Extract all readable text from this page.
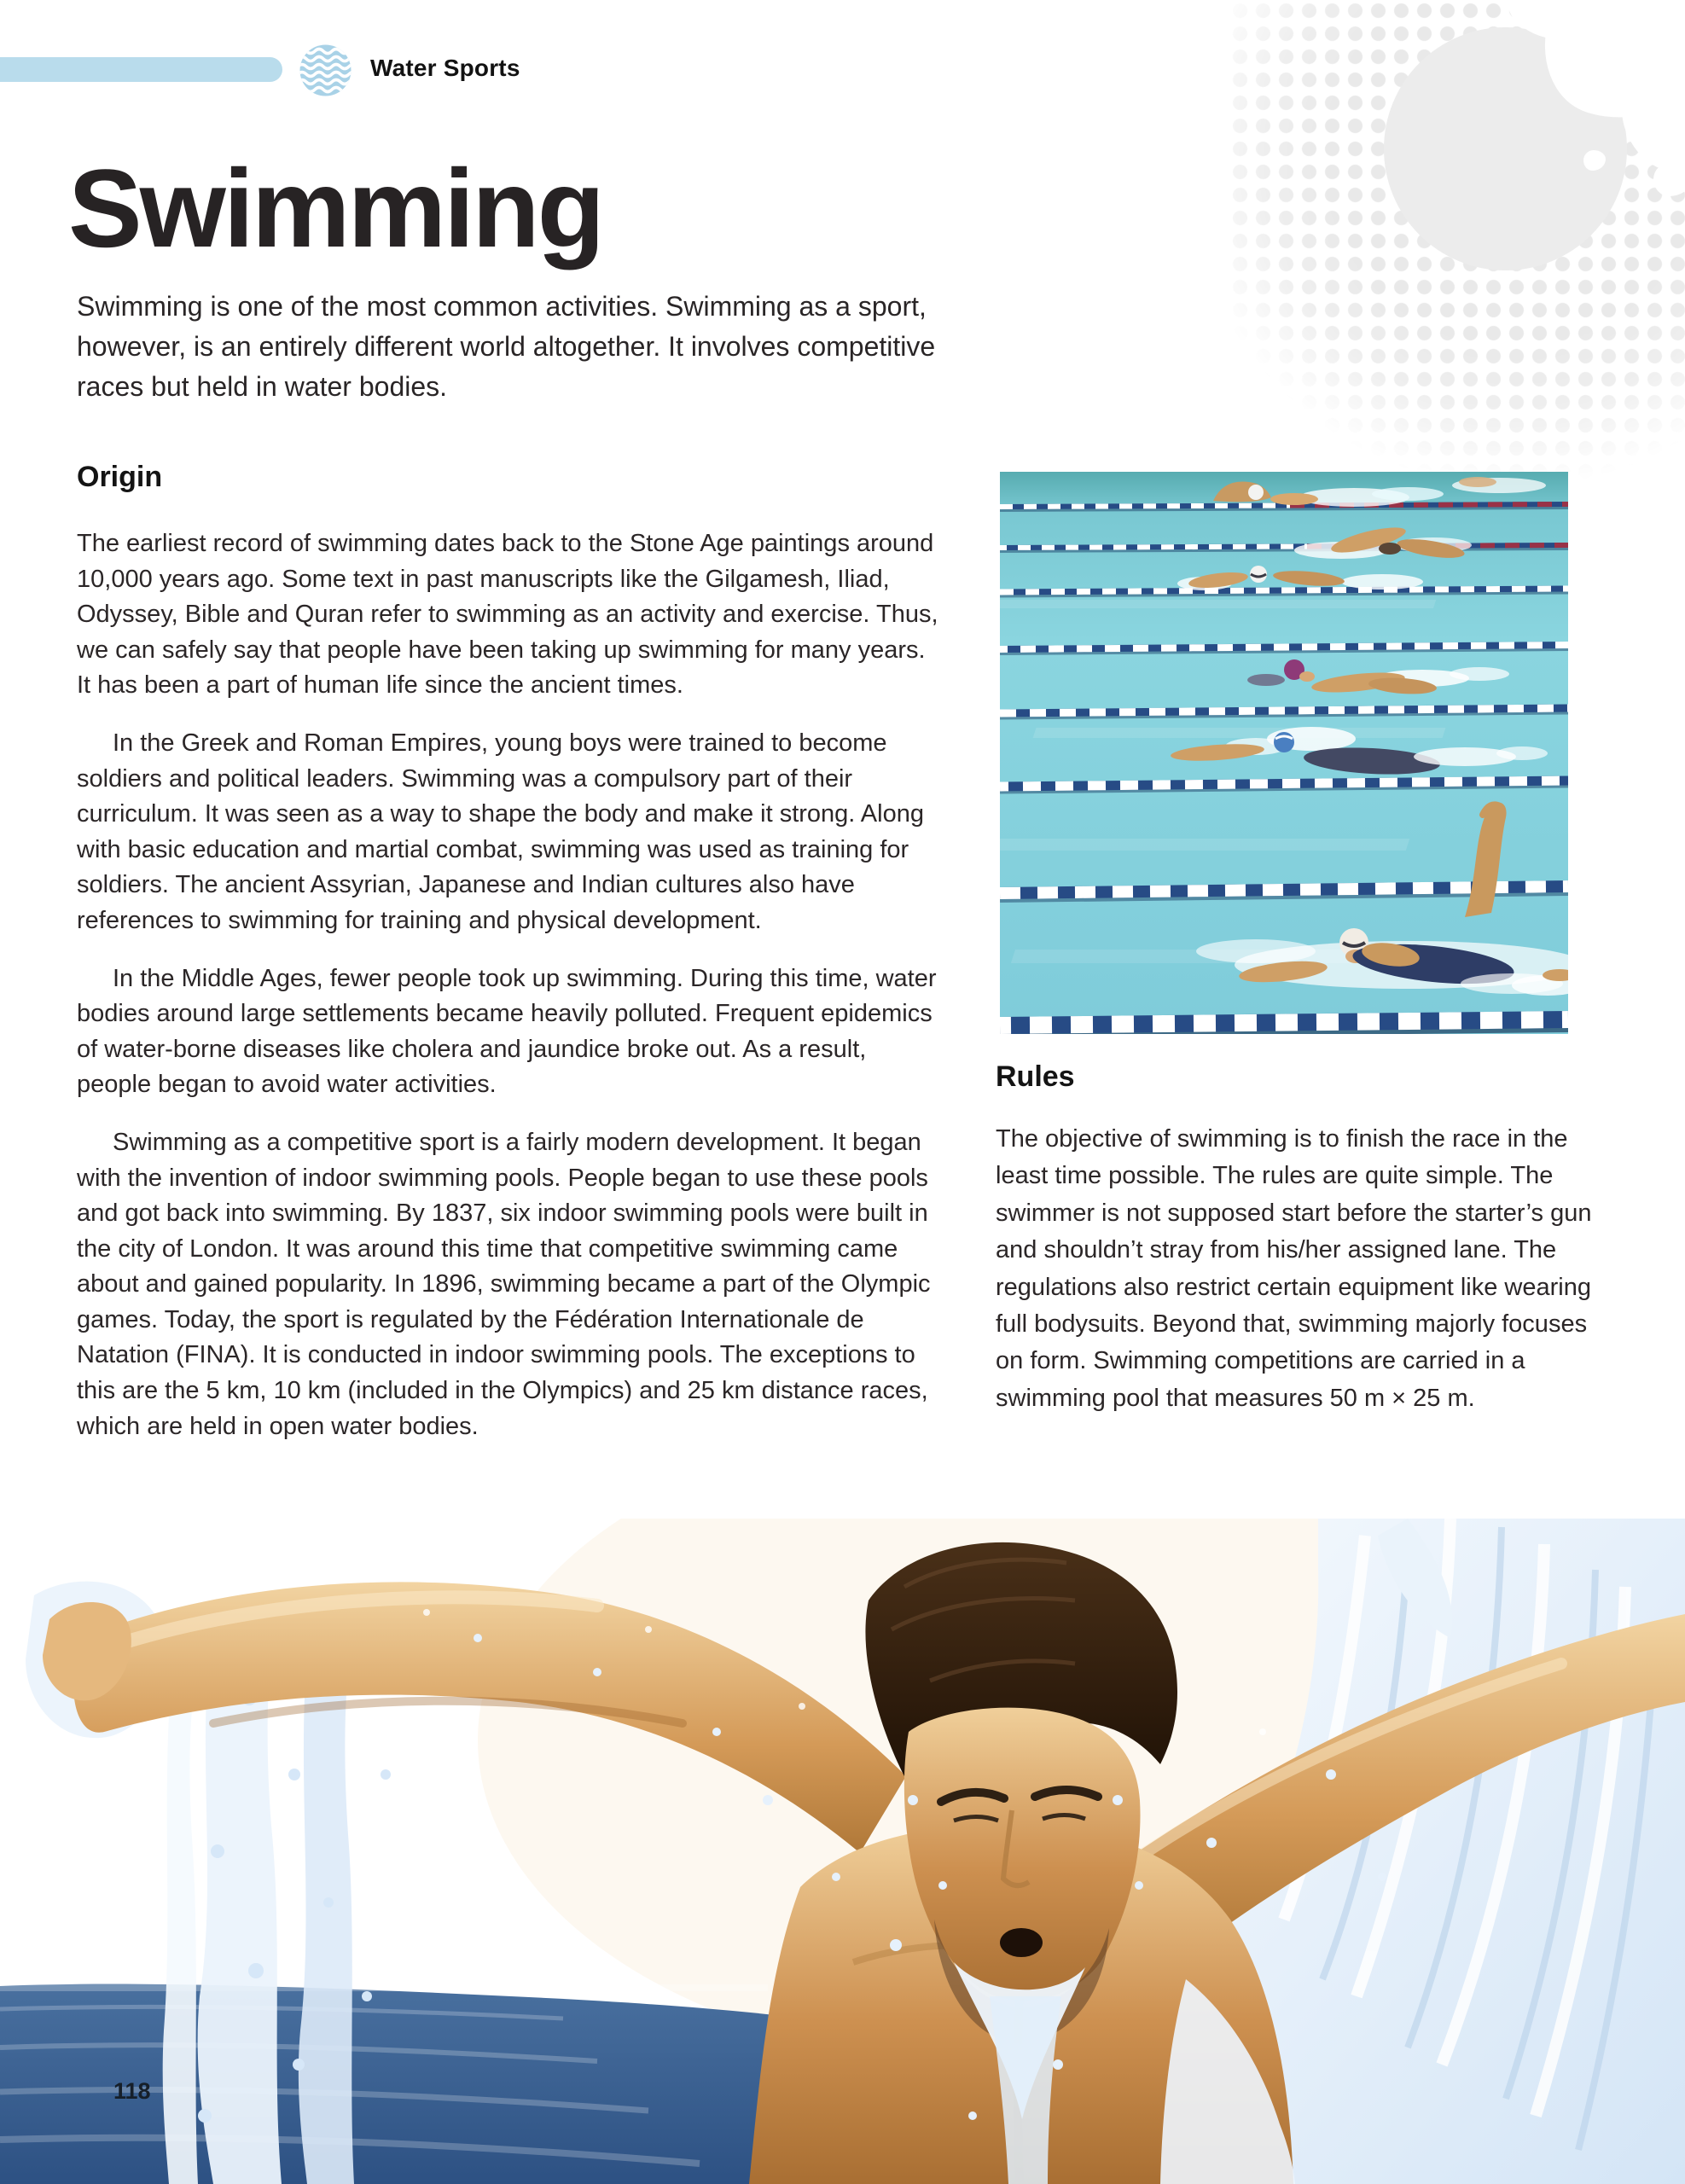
Water Sports
Swimming
Swimming is one of the most common activities. Swimming as a sport, however, is an entirely different world altogether. It involves competitive races but held in water bodies.
Origin

The earliest record of swimming dates back to the Stone Age paintings around 10,000 years ago. Some text in past manuscripts like the Gilgamesh, Iliad, Odyssey, Bible and Quran refer to swimming as an activity and exercise. Thus, we can safely say that people have been taking up swimming for many years. It has been a part of human life since the ancient times.

In the Greek and Roman Empires, young boys were trained to become soldiers and political leaders. Swimming was a compulsory part of their curriculum. It was seen as a way to shape the body and make it strong. Along with basic education and martial combat, swimming was used as training for soldiers. The ancient Assyrian, Japanese and Indian cultures also have references to swimming for training and physical development.

In the Middle Ages, fewer people took up swimming. During this time, water bodies around large settlements became heavily polluted. Frequent epidemics of water-borne diseases like cholera and jaundice broke out. As a result, people began to avoid water activities.

Swimming as a competitive sport is a fairly modern development. It began with the invention of indoor swimming pools. People began to use these pools and got back into swimming. By 1837, six indoor swimming pools were built in the city of London. It was around this time that competitive swimming came about and gained popularity. In 1896, swimming became a part of the Olympic games. Today, the sport is regulated by the Fédération Internationale de Natation (FINA). It is conducted in indoor swimming pools. The exceptions to this are the 5 km, 10 km (included in the Olympics) and 25 km distance races, which are held in open water bodies.

Rules

The objective of swimming is to finish the race in the least time possible. The rules are quite simple. The swimmer is not supposed start before the starter’s gun and shouldn’t stray from his/her assigned lane. The regulations also restrict certain equipment like wearing full bodysuits. Beyond that, swimming majorly focuses on form. Swimming competitions are carried in a swimming pool that measures 50 m × 25 m.

118
